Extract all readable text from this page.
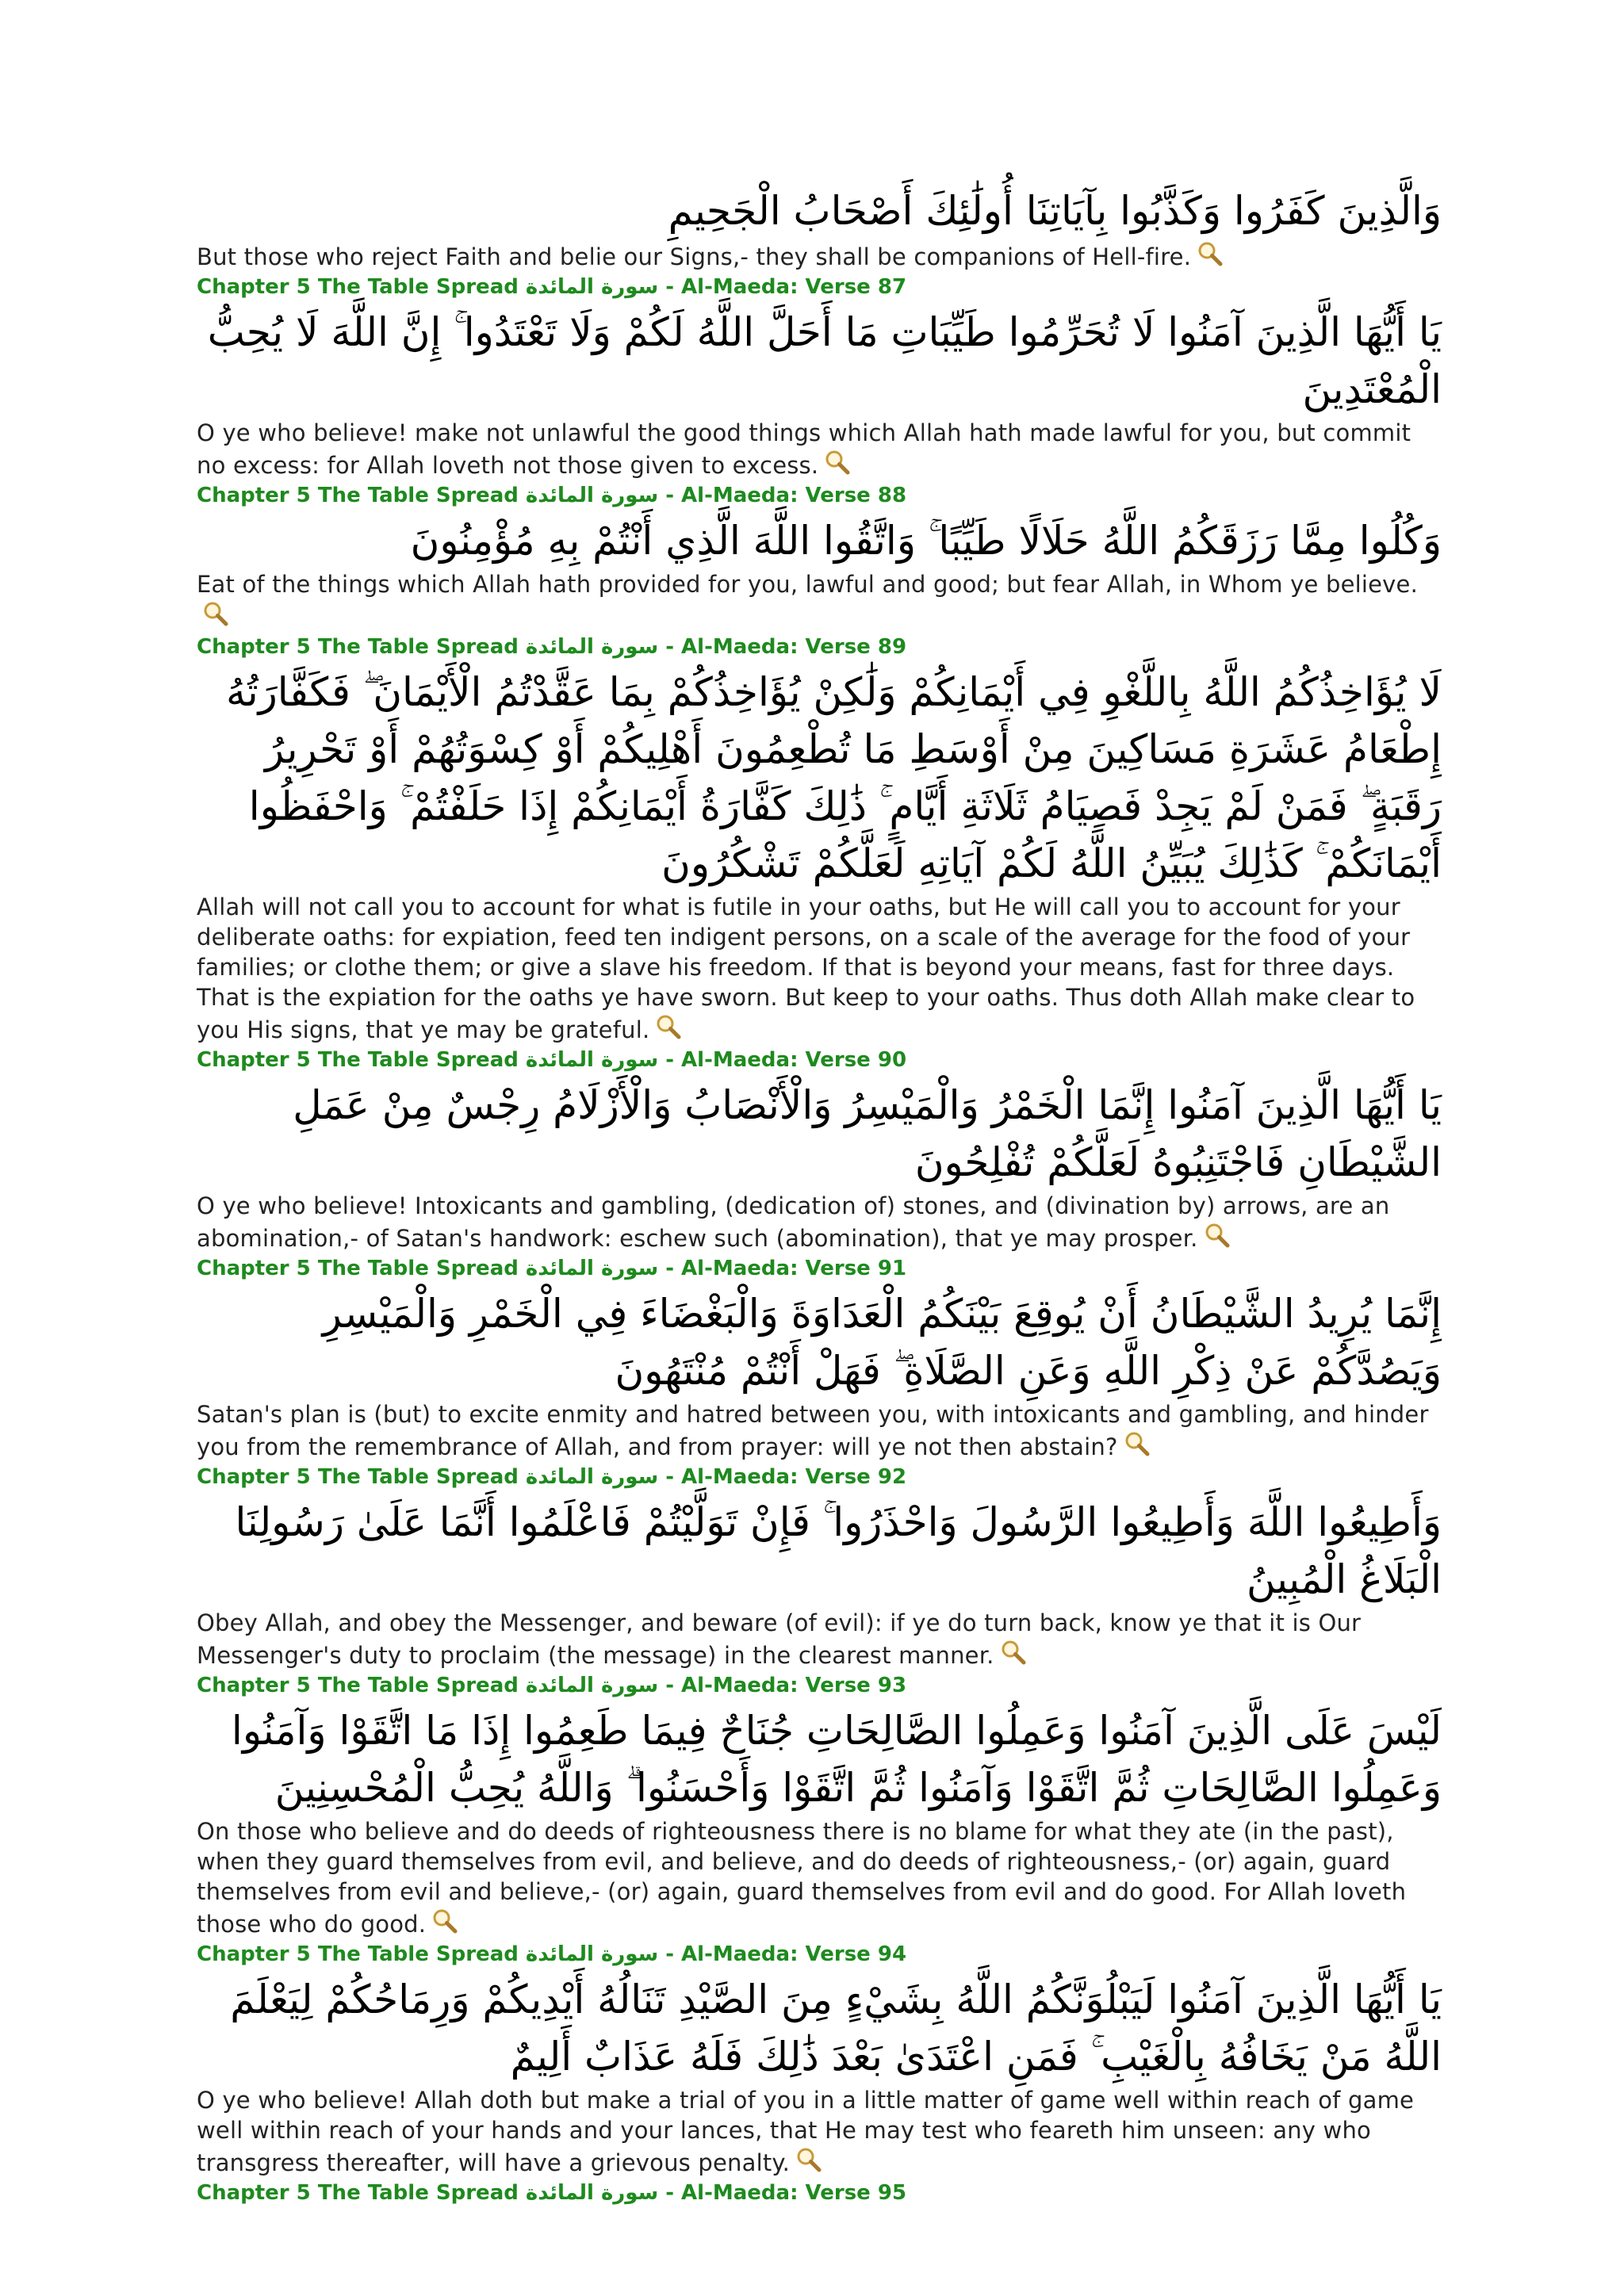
وَالَّذِينَ كَفَرُوا وَكَذَّبُوا بِآيَاتِنَا أُولَٰئِكَ أَصْحَابُ الْجَحِيمِ

But those who reject Faith and belie our Signs,- they shall be companions of Hell-fire.

Chapter 5 The Table Spread سورة المائدة - Al-Maeda: Verse 87

يَا أَيُّهَا الَّذِينَ آمَنُوا لَا تُحَرِّمُوا طَيِّبَاتِ مَا أَحَلَّ اللَّهُ لَكُمْ وَلَا تَعْتَدُوا ۚ إِنَّ اللَّهَ لَا يُحِبُّ الْمُعْتَدِينَ

O ye who believe! make not unlawful the good things which Allah hath made lawful for you, but commit no excess: for Allah loveth not those given to excess.

Chapter 5 The Table Spread سورة المائدة - Al-Maeda: Verse 88

وَكُلُوا مِمَّا رَزَقَكُمُ اللَّهُ حَلَالًا طَيِّبًا ۚ وَاتَّقُوا اللَّهَ الَّذِي أَنْتُمْ بِهِ مُؤْمِنُونَ

Eat of the things which Allah hath provided for you, lawful and good; but fear Allah, in Whom ye believe.

Chapter 5 The Table Spread سورة المائدة - Al-Maeda: Verse 89

لَا يُؤَاخِذُكُمُ اللَّهُ بِاللَّغْوِ فِي أَيْمَانِكُمْ وَلَٰكِنْ يُؤَاخِذُكُمْ بِمَا عَقَّدْتُمُ الْأَيْمَانَ ۖ فَكَفَّارَتُهُ إِطْعَامُ عَشَرَةِ مَسَاكِينَ مِنْ أَوْسَطِ مَا تُطْعِمُونَ أَهْلِيكُمْ أَوْ كِسْوَتُهُمْ أَوْ تَحْرِيرُ رَقَبَةٍ ۖ فَمَنْ لَمْ يَجِدْ فَصِيَامُ ثَلَاثَةِ أَيَّامٍ ۚ ذَٰلِكَ كَفَّارَةُ أَيْمَانِكُمْ إِذَا حَلَفْتُمْ ۚ وَاحْفَظُوا أَيْمَانَكُمْ ۚ كَذَٰلِكَ يُبَيِّنُ اللَّهُ لَكُمْ آيَاتِهِ لَعَلَّكُمْ تَشْكُرُونَ

Allah will not call you to account for what is futile in your oaths, but He will call you to account for your deliberate oaths: for expiation, feed ten indigent persons, on a scale of the average for the food of your families; or clothe them; or give a slave his freedom. If that is beyond your means, fast for three days. That is the expiation for the oaths ye have sworn. But keep to your oaths. Thus doth Allah make clear to you His signs, that ye may be grateful.

Chapter 5 The Table Spread سورة المائدة - Al-Maeda: Verse 90

يَا أَيُّهَا الَّذِينَ آمَنُوا إِنَّمَا الْخَمْرُ وَالْمَيْسِرُ وَالْأَنْصَابُ وَالْأَزْلَامُ رِجْسٌ مِنْ عَمَلِ الشَّيْطَانِ فَاجْتَنِبُوهُ لَعَلَّكُمْ تُفْلِحُونَ

O ye who believe! Intoxicants and gambling, (dedication of) stones, and (divination by) arrows, are an abomination,- of Satan's handwork: eschew such (abomination), that ye may prosper.

Chapter 5 The Table Spread سورة المائدة - Al-Maeda: Verse 91

إِنَّمَا يُرِيدُ الشَّيْطَانُ أَنْ يُوقِعَ بَيْنَكُمُ الْعَدَاوَةَ وَالْبَغْضَاءَ فِي الْخَمْرِ وَالْمَيْسِرِ وَيَصُدَّكُمْ عَنْ ذِكْرِ اللَّهِ وَعَنِ الصَّلَاةِ ۖ فَهَلْ أَنْتُمْ مُنْتَهُونَ

Satan's plan is (but) to excite enmity and hatred between you, with intoxicants and gambling, and hinder you from the remembrance of Allah, and from prayer: will ye not then abstain?

Chapter 5 The Table Spread سورة المائدة - Al-Maeda: Verse 92

وَأَطِيعُوا اللَّهَ وَأَطِيعُوا الرَّسُولَ وَاحْذَرُوا ۚ فَإِنْ تَوَلَّيْتُمْ فَاعْلَمُوا أَنَّمَا عَلَىٰ رَسُولِنَا الْبَلَاغُ الْمُبِينُ

Obey Allah, and obey the Messenger, and beware (of evil): if ye do turn back, know ye that it is Our Messenger's duty to proclaim (the message) in the clearest manner.

Chapter 5 The Table Spread سورة المائدة - Al-Maeda: Verse 93

لَيْسَ عَلَى الَّذِينَ آمَنُوا وَعَمِلُوا الصَّالِحَاتِ جُنَاحٌ فِيمَا طَعِمُوا إِذَا مَا اتَّقَوْا وَآمَنُوا وَعَمِلُوا الصَّالِحَاتِ ثُمَّ اتَّقَوْا وَآمَنُوا ثُمَّ اتَّقَوْا وَأَحْسَنُوا ۗ وَاللَّهُ يُحِبُّ الْمُحْسِنِينَ

On those who believe and do deeds of righteousness there is no blame for what they ate (in the past), when they guard themselves from evil, and believe, and do deeds of righteousness,- (or) again, guard themselves from evil and believe,- (or) again, guard themselves from evil and do good. For Allah loveth those who do good.

Chapter 5 The Table Spread سورة المائدة - Al-Maeda: Verse 94

يَا أَيُّهَا الَّذِينَ آمَنُوا لَيَبْلُوَنَّكُمُ اللَّهُ بِشَيْءٍ مِنَ الصَّيْدِ تَنَالُهُ أَيْدِيكُمْ وَرِمَاحُكُمْ لِيَعْلَمَ اللَّهُ مَنْ يَخَافُهُ بِالْغَيْبِ ۚ فَمَنِ اعْتَدَىٰ بَعْدَ ذَٰلِكَ فَلَهُ عَذَابٌ أَلِيمٌ

O ye who believe! Allah doth but make a trial of you in a little matter of game well within reach of game well within reach of your hands and your lances, that He may test who feareth him unseen: any who transgress thereafter, will have a grievous penalty.

Chapter 5 The Table Spread سورة المائدة - Al-Maeda: Verse 95
